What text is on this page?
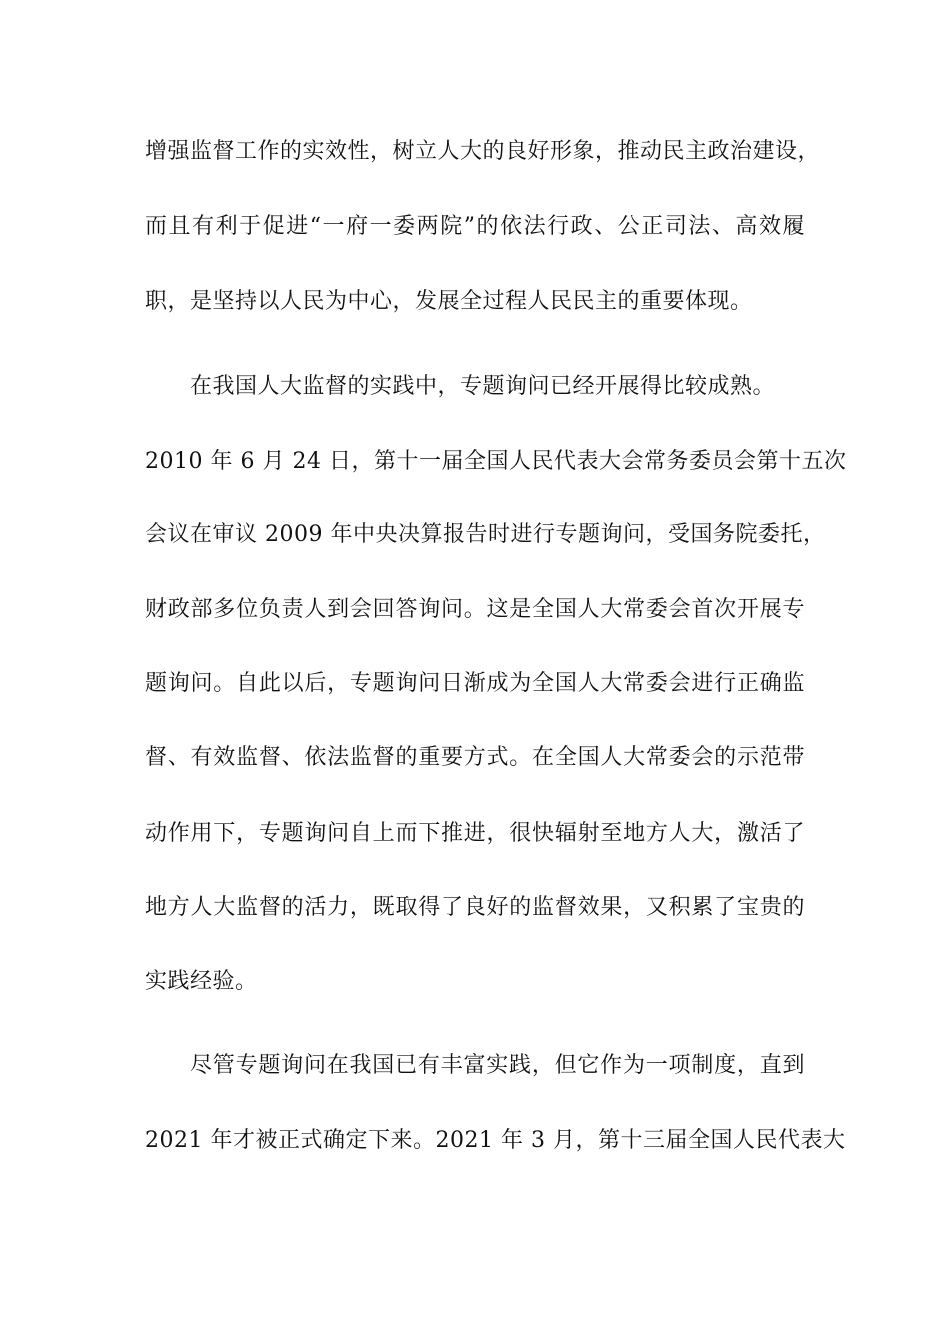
增强监督工作的实效性，树立人大的良好形象，推动民主政治建设，
而且有利于促进“一府一委两院”的依法行政、公正司法、高效履
职，是坚持以人民为中心，发展全过程人民民主的重要体现。
在我国人大监督的实践中，专题询问已经开展得比较成熟。
2010 年 6 月 24 日，第十一届全国人民代表大会常务委员会第十五次
会议在审议 2009 年中央决算报告时进行专题询问，受国务院委托，
财政部多位负责人到会回答询问。这是全国人大常委会首次开展专
题询问。自此以后，专题询问日渐成为全国人大常委会进行正确监
督、有效监督、依法监督的重要方式。在全国人大常委会的示范带
动作用下，专题询问自上而下推进，很快辐射至地方人大，激活了
地方人大监督的活力，既取得了良好的监督效果，又积累了宝贵的
实践经验。
尽管专题询问在我国已有丰富实践，但它作为一项制度，直到
2021 年才被正式确定下来。2021 年 3 月，第十三届全国人民代表大
